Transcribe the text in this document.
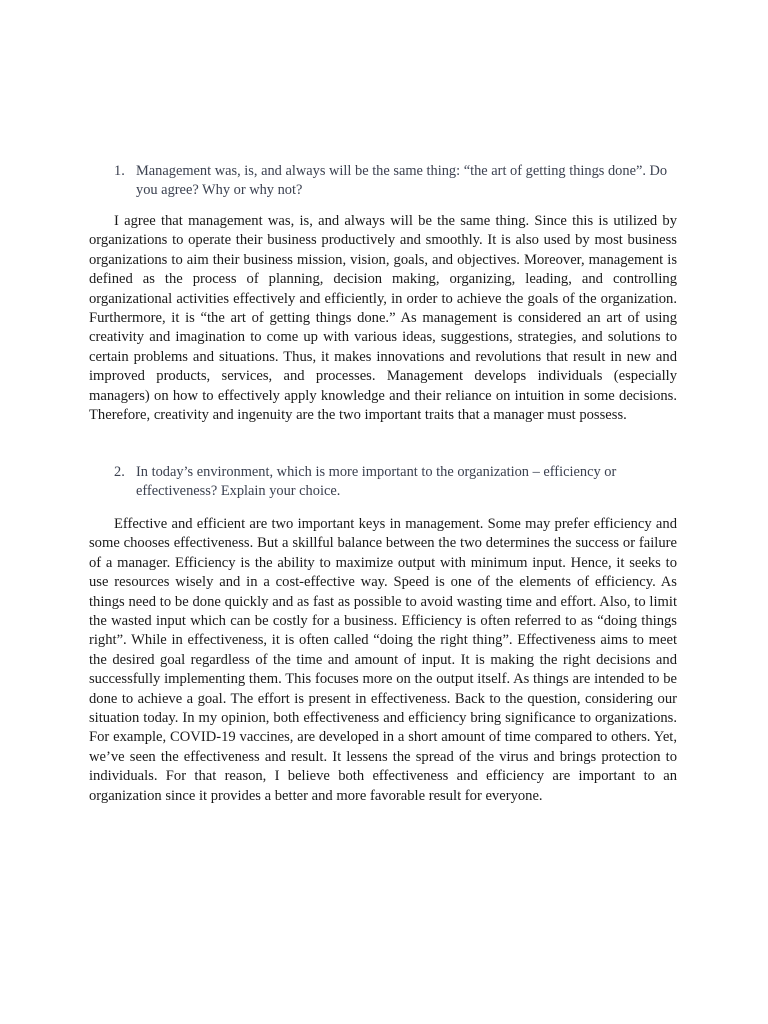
1. Management was, is, and always will be the same thing: “the art of getting things done”. Do you agree? Why or why not?

I agree that management was, is, and always will be the same thing. Since this is utilized by organizations to operate their business productively and smoothly. It is also used by most business organizations to aim their business mission, vision, goals, and objectives. Moreover, management is defined as the process of planning, decision making, organizing, leading, and controlling organizational activities effectively and efficiently, in order to achieve the goals of the organization. Furthermore, it is “the art of getting things done.” As management is considered an art of using creativity and imagination to come up with various ideas, suggestions, strategies, and solutions to certain problems and situations. Thus, it makes innovations and revolutions that result in new and improved products, services, and processes. Management develops individuals (especially managers) on how to effectively apply knowledge and their reliance on intuition in some decisions. Therefore, creativity and ingenuity are the two important traits that a manager must possess.

2. In today’s environment, which is more important to the organization – efficiency or effectiveness? Explain your choice.

Effective and efficient are two important keys in management. Some may prefer efficiency and some chooses effectiveness. But a skillful balance between the two determines the success or failure of a manager. Efficiency is the ability to maximize output with minimum input. Hence, it seeks to use resources wisely and in a cost-effective way. Speed is one of the elements of efficiency. As things need to be done quickly and as fast as possible to avoid wasting time and effort. Also, to limit the wasted input which can be costly for a business. Efficiency is often referred to as “doing things right”. While in effectiveness, it is often called “doing the right thing”. Effectiveness aims to meet the desired goal regardless of the time and amount of input. It is making the right decisions and successfully implementing them. This focuses more on the output itself. As things are intended to be done to achieve a goal. The effort is present in effectiveness. Back to the question, considering our situation today. In my opinion, both effectiveness and efficiency bring significance to organizations. For example, COVID-19 vaccines, are developed in a short amount of time compared to others. Yet, we’ve seen the effectiveness and result. It lessens the spread of the virus and brings protection to individuals. For that reason, I believe both effectiveness and efficiency are important to an organization since it provides a better and more favorable result for everyone.
